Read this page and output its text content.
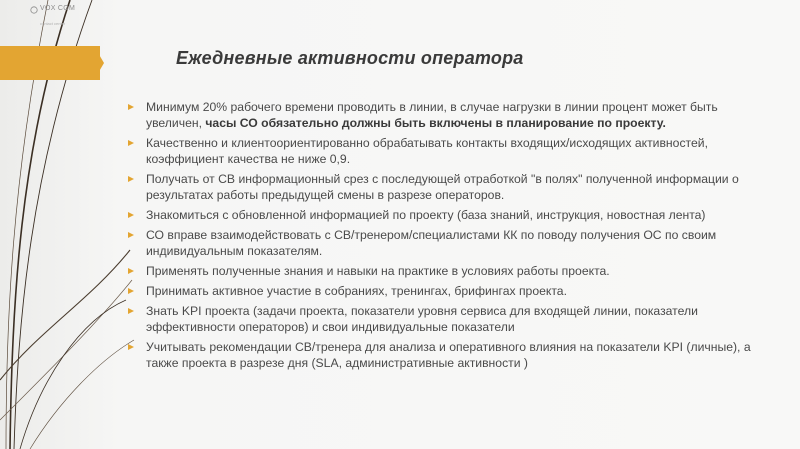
VOX COM
contact center
Ежедневные активности оператора
Минимум 20% рабочего времени проводить в линии, в случае нагрузки в линии процент может быть увеличен, часы СО обязательно должны быть включены в планирование по проекту.
Качественно и клиентоориентированно обрабатывать контакты входящих/исходящих активностей, коэффициент качества не ниже 0,9.
Получать от СВ информационный срез с последующей отработкой "в полях" полученной информации о результатах работы предыдущей смены в разрезе операторов.
Знакомиться с обновленной информацией по проекту (база знаний, инструкция, новостная лента)
СО вправе взаимодействовать с СВ/тренером/специалистами КК по поводу получения ОС по своим индивидуальным показателям.
Применять полученные знания и навыки на практике в условиях работы проекта.
Принимать активное участие в собраниях, тренингах, брифингах проекта.
Знать KPI проекта (задачи проекта, показатели уровня сервиса для входящей линии, показатели эффективности операторов) и свои индивидуальные показатели
Учитывать рекомендации СВ/тренера для анализа и оперативного влияния на показатели KPI (личные), а также проекта в разрезе дня (SLA, административные активности )
